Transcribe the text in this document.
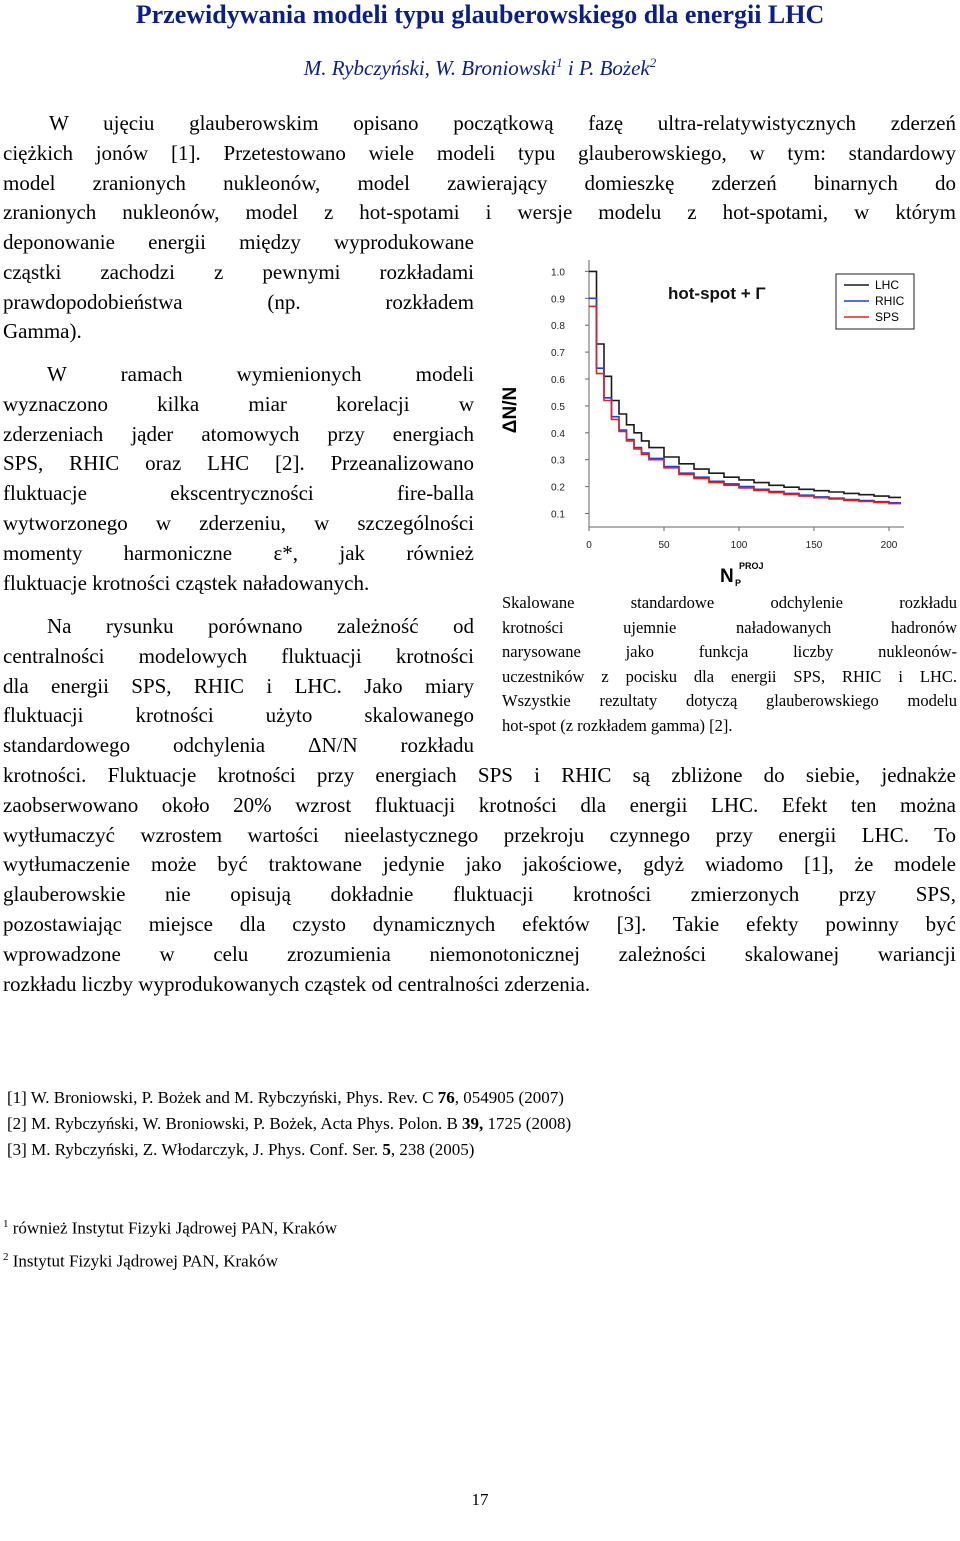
Przewidywania modeli typu glauberowskiego dla energii LHC
M. Rybczyński, W. Broniowski$^1$ i P. Bożek$^2$
W ujęciu glauberowskim opisano początkową fazę ultra-relatywistycznych zderzeń
ciężkich jonów [1]. Przetestowano wiele modeli typu glauberowskiego, w tym: standardowy
model zranionych nukleonów, model zawierający domieszkę zderzeń binarnych do
zranionych nukleonów, model z hot-spotami i wersje modelu z hot-spotami, w którym
deponowanie energii między wyprodukowane
cząstki zachodzi z pewnymi rozkładami
prawdopodobieństwa (np. rozkładem
Gamma).
W ramach wymienionych modeli
wyznaczono kilka miar korelacji w
zderzeniach jąder atomowych przy energiach
SPS, RHIC oraz LHC [2]. Przeanalizowano
fluktuacje ekscentryczności fire-balla
wytworzonego w zderzeniu, w szczególności
momenty harmoniczne ε*, jak również
fluktuacje krotności cząstek naładowanych.
Na rysunku porównano zależność od
centralności modelowych fluktuacji krotności
dla energii SPS, RHIC i LHC. Jako miary
fluktuacji krotności użyto skalowanego
standardowego odchylenia ΔN/N rozkładu
krotności. Fluktuacje krotności przy energiach SPS i RHIC są zbliżone do siebie, jednakże
zaobserwowano około 20% wzrost fluktuacji krotności dla energii LHC. Efekt ten można
wytłumaczyć wzrostem wartości nieelastycznego przekroju czynnego przy energii LHC. To
wytłumaczenie może być traktowane jedynie jako jakościowe, gdyż wiadomo [1], że modele
glauberowskie nie opisują dokładnie fluktuacji krotności zmierzonych przy SPS,
pozostawiając miejsce dla czysto dynamicznych efektów [3]. Takie efekty powinny być
wprowadzone w celu zrozumienia niemonotonicznej zależności skalowanej wariancji
rozkładu liczby wyprodukowanych cząstek od centralności zderzenia.
0.1
0.2
0.3
0.4
0.5
0.6
0.7
0.8
0.9
1.0
0	50	100	150	200
hot-spot + Γ	LHC
RHIC
SPS
ΔN/N
N P
PROJ
Skalowane standardowe odchylenie rozkładu
krotności ujemnie naładowanych hadronów
narysowane jako funkcja liczby nukleonów-
uczestników z pocisku dla energii SPS, RHIC i LHC.
Wszystkie rezultaty dotyczą glauberowskiego modelu
hot-spot (z rozkładem gamma) [2].
[1] W. Broniowski, P. Bożek and M. Rybczyński, Phys. Rev. C 76, 054905 (2007)
[2] M. Rybczyński, W. Broniowski, P. Bożek, Acta Phys. Polon. B 39, 1725 (2008)
[3] M. Rybczyński, Z. Włodarczyk, J. Phys. Conf. Ser. 5, 238 (2005)
$^1$ również Instytut Fizyki Jądrowej PAN, Kraków
$^2$ Instytut Fizyki Jądrowej PAN, Kraków
17
